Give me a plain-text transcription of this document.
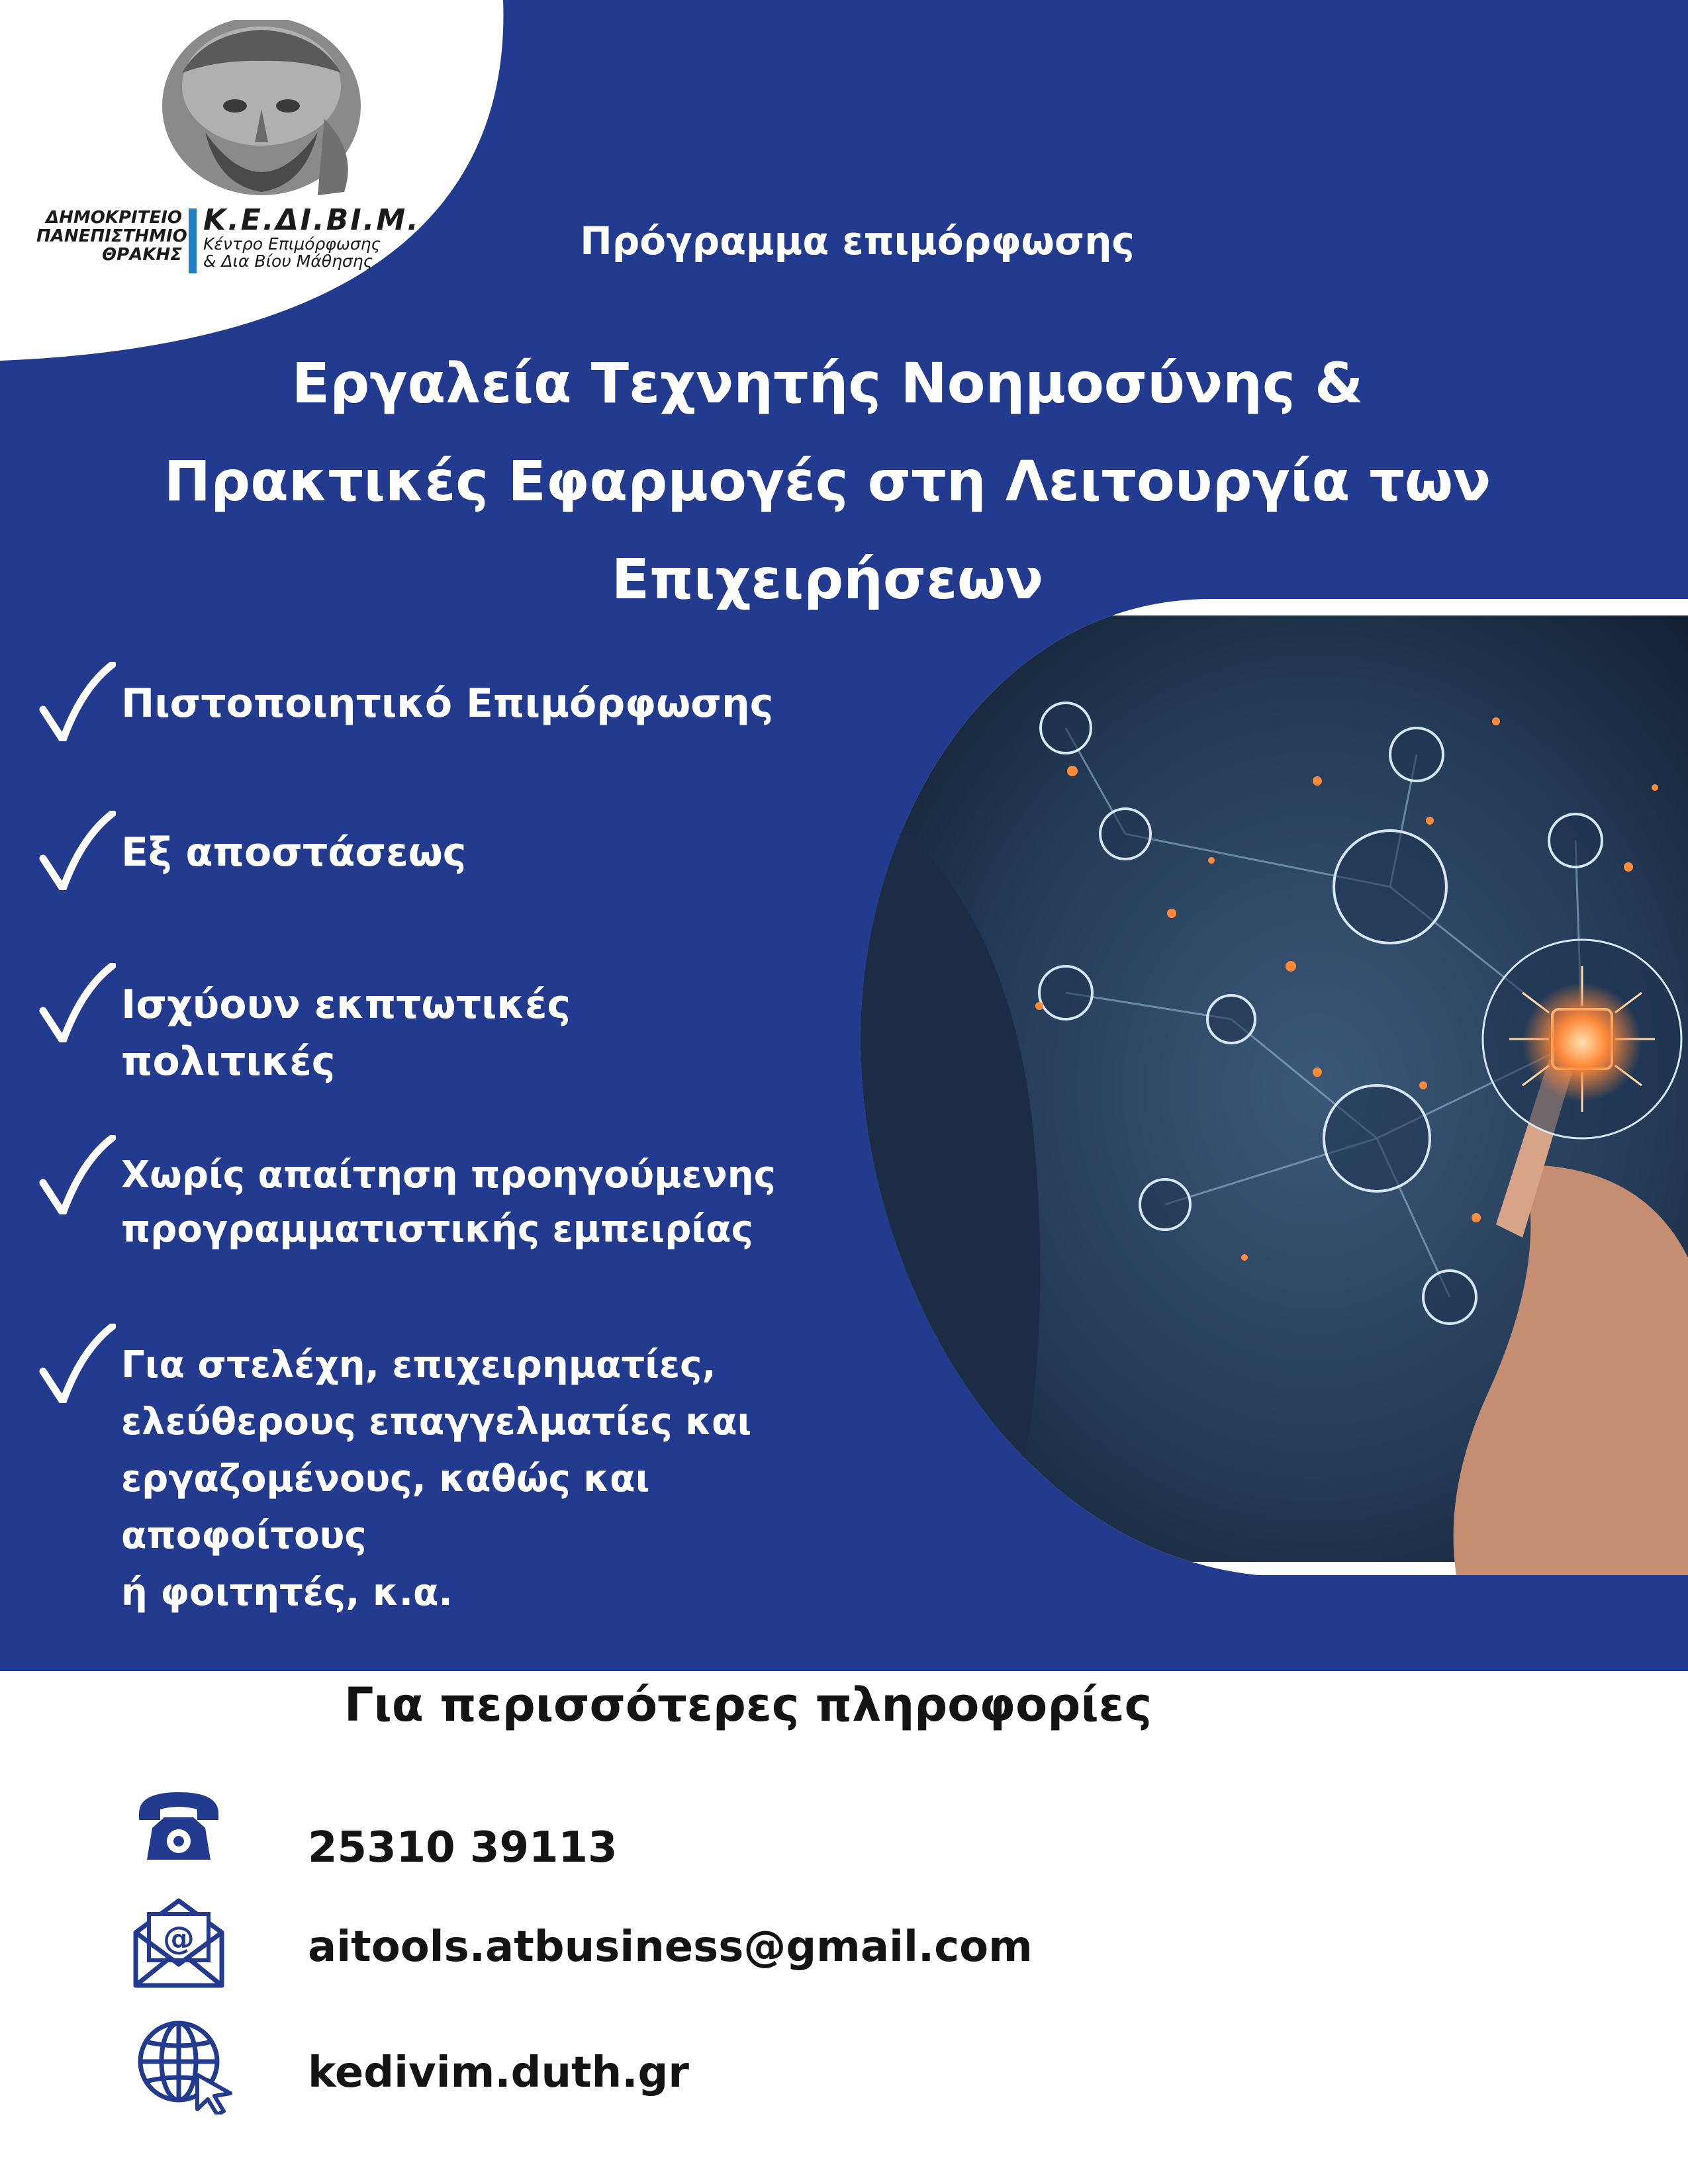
ΔΗΜΟΚΡΙΤΕΙΟ
ΠΑΝΕΠΙΣΤΗΜΙΟ
ΘΡΑΚΗΣ
Κ.Ε.ΔΙ.ΒΙ.Μ.
Κέντρο Επιμόρφωσης
& Δια Βίου Μάθησης	Πρόγραμμα επιμόρφωσης
Εργαλεία Τεχνητής Νοημοσύνης &
Πρακτικές Εφαρμογές στη Λειτουργία των
Επιχειρήσεων
Πιστοποιητικό Επιμόρφωσης
Εξ αποστάσεως
Ισχύουν εκπτωτικές
πολιτικές
Χωρίς απαίτηση προηγούμενης
προγραμματιστικής εμπειρίας
Για στελέχη, επιχειρηματίες,
ελεύθερους επαγγελματίες και
εργαζομένους, καθώς και αποφοίτους
ή φοιτητές, κ.α.
Για περισσότερες πληροφορίες
25310 39113
@	aitools.atbusiness@gmail.com
kedivim.duth.gr
